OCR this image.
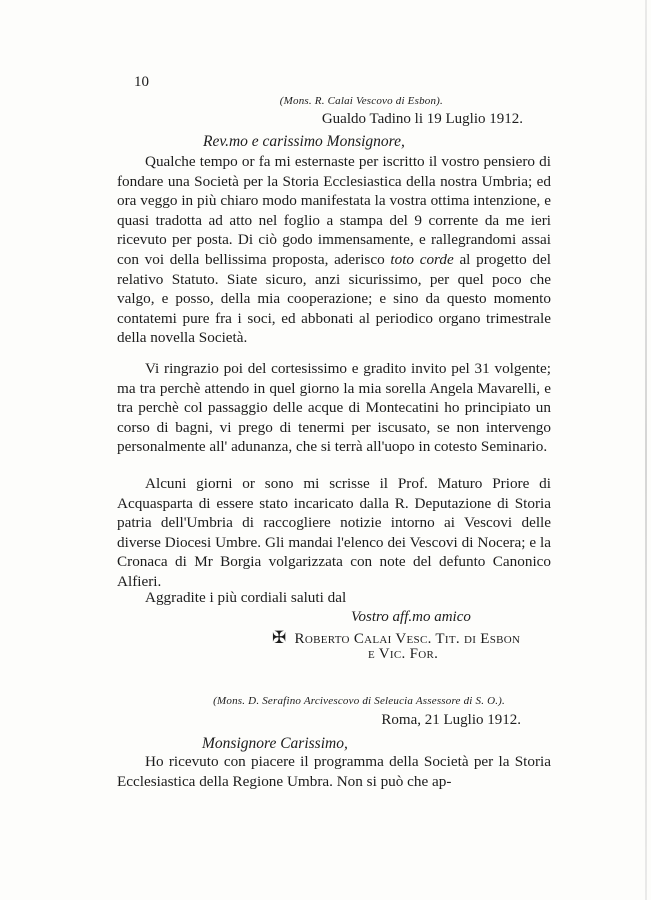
10
(Mons. R. Calai Vescovo di Esbon).
Gualdo Tadino li 19 Luglio 1912.
Rev.mo e carissimo Monsignore,

Qualche tempo or fa mi esternaste per iscritto il vostro pensiero di fondare una Società per la Storia Ecclesiastica della nostra Umbria; ed ora veggo in più chiaro modo manifestata la vostra ottima intenzione, e quasi tradotta ad atto nel foglio a stampa del 9 corrente da me ieri ricevuto per posta. Di ciò godo immensamente, e rallegrandomi assai con voi della bellissima proposta, aderisco toto corde al progetto del relativo Statuto. Siate sicuro, anzi sicurissimo, per quel poco che valgo, e posso, della mia cooperazione; e sino da questo momento contatemi pure fra i soci, ed abbonati al periodico organo trimestrale della novella Società.

Vi ringrazio poi del cortesissimo e gradito invito pel 31 volgente; ma tra perchè attendo in quel giorno la mia sorella Angela Mavarelli, e tra perchè col passaggio delle acque di Montecatini ho principiato un corso di bagni, vi prego di tenermi per iscusato, se non intervengo personalmente all' adunanza, che si terrà all'uopo in cotesto Seminario.

Alcuni giorni or sono mi scrisse il Prof. Maturo Priore di Acquasparta di essere stato incaricato dalla R. Deputazione di Storia patria dell'Umbria di raccogliere notizie intorno ai Vescovi delle diverse Diocesi Umbre. Gli mandai l'elenco dei Vescovi di Nocera; e la Cronaca di Mr Borgia volgarizzata con note del defunto Canonico Alfieri.

Aggradite i più cordiali saluti dal

Vostro aff.mo amico
✠ Roberto Calai Vesc. Tit. di Esbon
e Vic. For.
(Mons. D. Serafino Arcivescovo di Seleucia Assessore di S. O.).
Roma, 21 Luglio 1912.
Monsignore Carissimo,

Ho ricevuto con piacere il programma della Società per la Storia Ecclesiastica della Regione Umbra. Non si può che ap-
